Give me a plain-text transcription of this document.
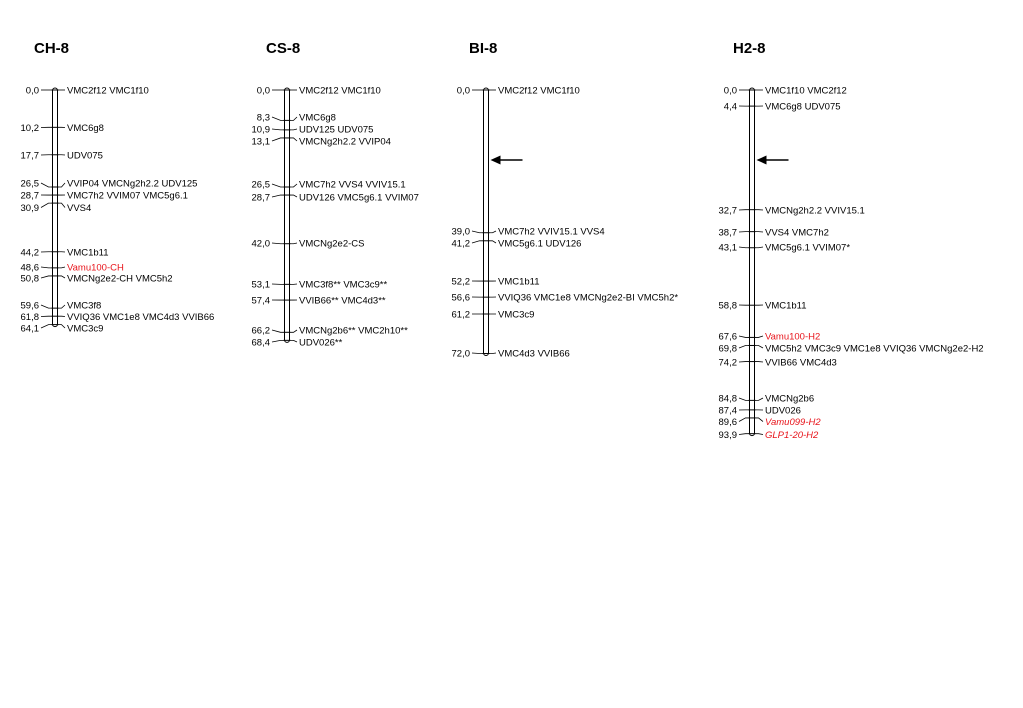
CH-8
0,0	VMC2f12 VMC1f10
10,2	VMC6g8
17,7	UDV075
26,5	VVIP04 VMCNg2h2.2 UDV125
28,7	VMC7h2 VVIM07 VMC5g6.1
30,9	VVS4
44,2	VMC1b11
48,6	Vamu100-CH
50,8	VMCNg2e2-CH VMC5h2
59,6	VMC3f8
61,8	VVIQ36 VMC1e8 VMC4d3 VVIB66
64,1	VMC3c9
CS-8
0,0	VMC2f12 VMC1f10
8,3	VMC6g8
10,9	UDV125 UDV075
13,1	VMCNg2h2.2 VVIP04
26,5	VMC7h2 VVS4 VVIV15.1
28,7	UDV126 VMC5g6.1 VVIM07
42,0	VMCNg2e2-CS
53,1	VMC3f8** VMC3c9**
57,4	VVIB66** VMC4d3**
66,2	VMCNg2b6** VMC2h10**
68,4	UDV026**
BI-8
0,0	VMC2f12 VMC1f10
39,0	VMC7h2 VVIV15.1 VVS4
41,2	VMC5g6.1 UDV126
52,2	VMC1b11
56,6	VVIQ36 VMC1e8 VMCNg2e2-BI VMC5h2*
61,2	VMC3c9
72,0	VMC4d3 VVIB66
H2-8
0,0	VMC1f10 VMC2f12
4,4	VMC6g8 UDV075
32,7	VMCNg2h2.2 VVIV15.1
38,7	VVS4 VMC7h2
43,1	VMC5g6.1 VVIM07*
58,8	VMC1b11
67,6	Vamu100-H2
69,8	VMC5h2 VMC3c9 VMC1e8 VVIQ36 VMCNg2e2-H2
74,2	VVIB66 VMC4d3
84,8	VMCNg2b6
87,4	UDV026
89,6	Vamu099-H2
93,9	GLP1-20-H2
